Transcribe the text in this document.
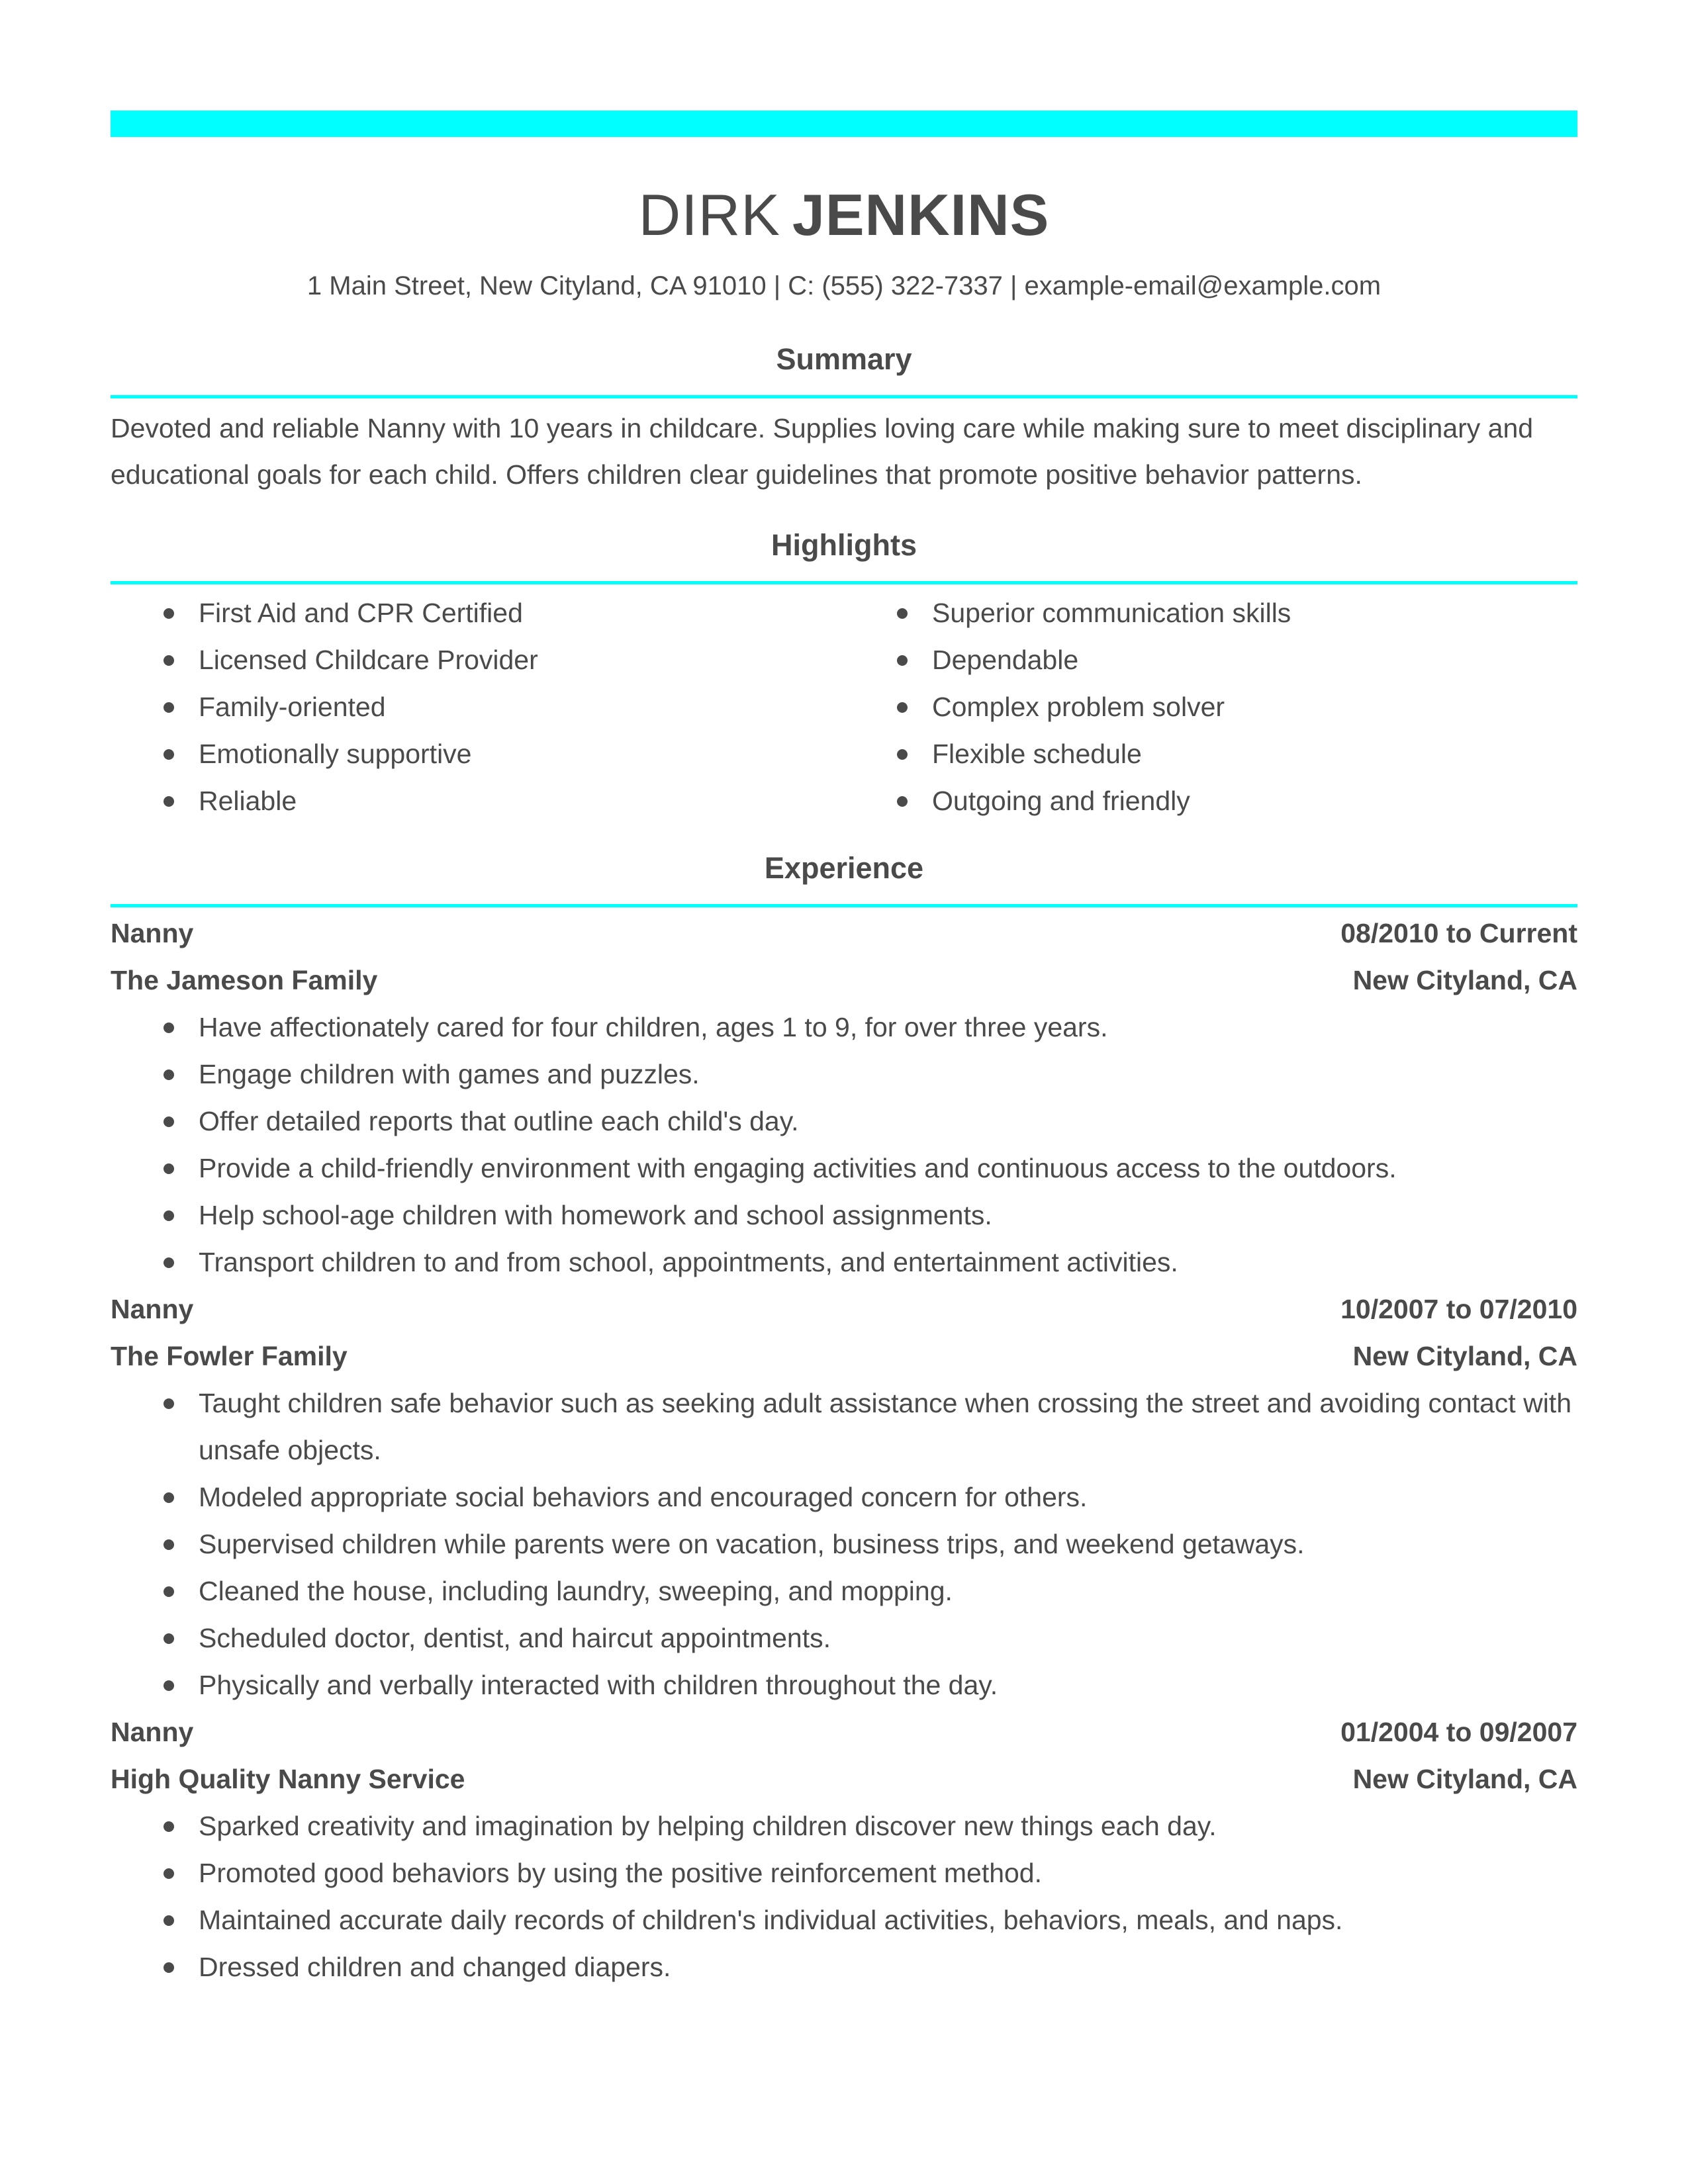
DIRK JENKINS
1 Main Street, New Cityland, CA 91010 | C: (555) 322-7337 | example-email@example.com
Summary
Devoted and reliable Nanny with 10 years in childcare. Supplies loving care while making sure to meet disciplinary and educational goals for each child. Offers children clear guidelines that promote positive behavior patterns.
Highlights
First Aid and CPR Certified
Licensed Childcare Provider
Family-oriented
Emotionally supportive
Reliable
Superior communication skills
Dependable
Complex problem solver
Flexible schedule
Outgoing and friendly
Experience
Nanny	08/2010 to Current
The Jameson Family	New Cityland, CA
Have affectionately cared for four children, ages 1 to 9, for over three years.
Engage children with games and puzzles.
Offer detailed reports that outline each child's day.
Provide a child-friendly environment with engaging activities and continuous access to the outdoors.
Help school-age children with homework and school assignments.
Transport children to and from school, appointments, and entertainment activities.
Nanny	10/2007 to 07/2010
The Fowler Family	New Cityland, CA
Taught children safe behavior such as seeking adult assistance when crossing the street and avoiding contact with unsafe objects.
Modeled appropriate social behaviors and encouraged concern for others.
Supervised children while parents were on vacation, business trips, and weekend getaways.
Cleaned the house, including laundry, sweeping, and mopping.
Scheduled doctor, dentist, and haircut appointments.
Physically and verbally interacted with children throughout the day.
Nanny	01/2004 to 09/2007
High Quality Nanny Service	New Cityland, CA
Sparked creativity and imagination by helping children discover new things each day.
Promoted good behaviors by using the positive reinforcement method.
Maintained accurate daily records of children's individual activities, behaviors, meals, and naps.
Dressed children and changed diapers.
